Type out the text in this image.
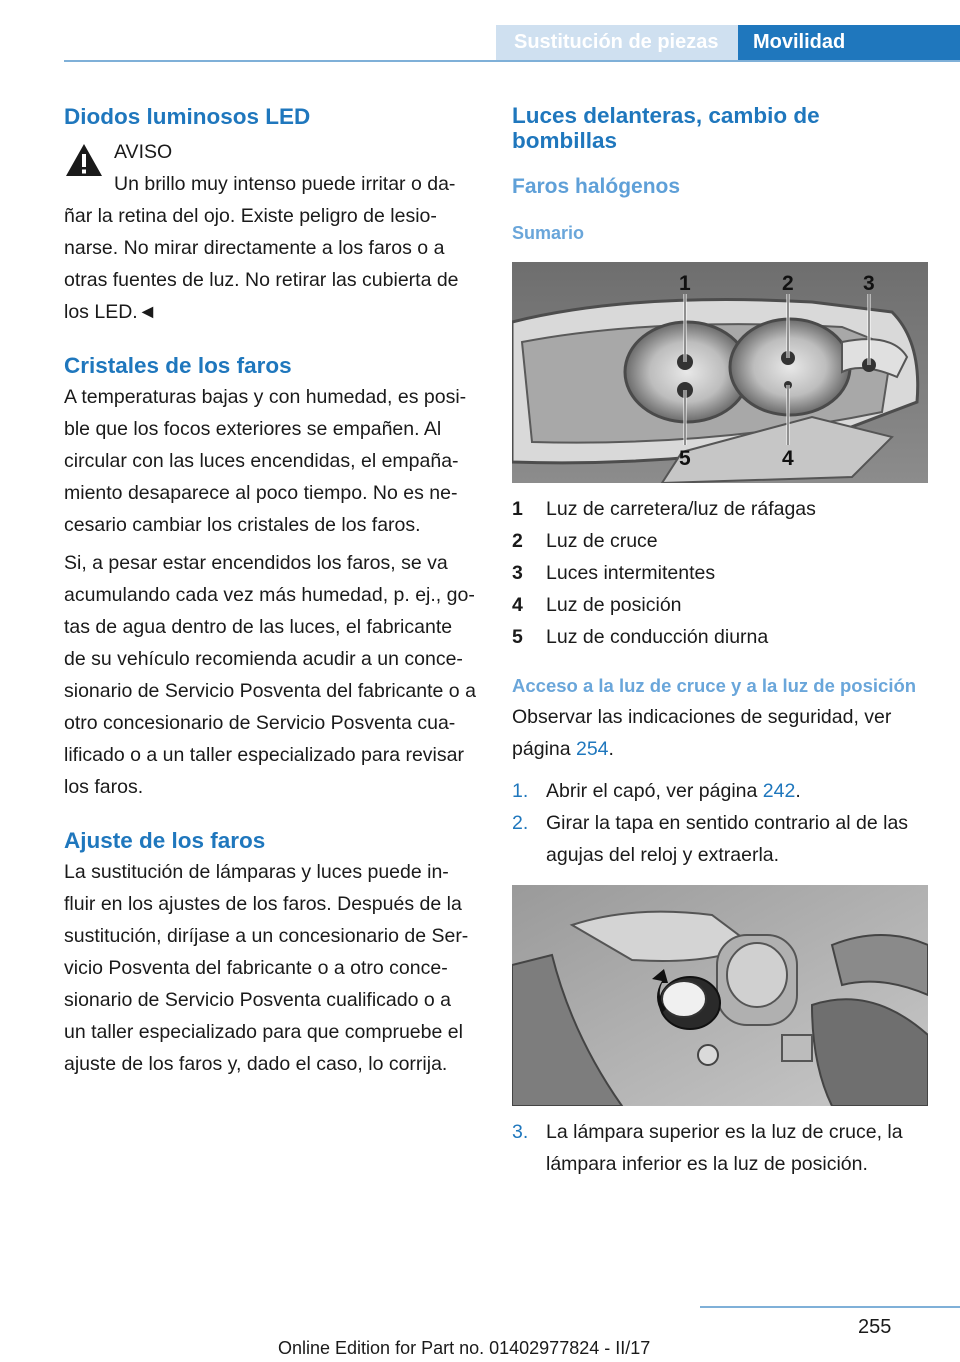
Sustitución de piezas	Movilidad
Diodos luminosos LED
AVISO
Un brillo muy intenso puede irritar o da-ñar la retina del ojo. Existe peligro de lesio-narse. No mirar directamente a los faros o a otras fuentes de luz. No retirar las cubierta de los LED.◄
Cristales de los faros
A temperaturas bajas y con humedad, es posi-ble que los focos exteriores se empañen. Al circular con las luces encendidas, el empaña-miento desaparece al poco tiempo. No es ne-cesario cambiar los cristales de los faros.
Si, a pesar estar encendidos los faros, se va acumulando cada vez más humedad, p. ej., go-tas de agua dentro de las luces, el fabricante de su vehículo recomienda acudir a un conce-sionario de Servicio Posventa del fabricante o a otro concesionario de Servicio Posventa cua-lificado o a un taller especializado para revisar los faros.
Ajuste de los faros
La sustitución de lámparas y luces puede in-fluir en los ajustes de los faros. Después de la sustitución, diríjase a un concesionario de Ser-vicio Posventa del fabricante o a otro conce-sionario de Servicio Posventa cualificado o a un taller especializado para que compruebe el ajuste de los faros y, dado el caso, lo corrija.
Luces delanteras, cambio de bombillas
Faros halógenos
Sumario
1	2	3
5	4
1	Luz de carretera/luz de ráfagas
2	Luz de cruce
3	Luces intermitentes
4	Luz de posición
5	Luz de conducción diurna
Acceso a la luz de cruce y a la luz de posición
Observar las indicaciones de seguridad, ver página 254.
1. Abrir el capó, ver página 242.
2. Girar la tapa en sentido contrario al de las agujas del reloj y extraerla.
3. La lámpara superior es la luz de cruce, la lámpara inferior es la luz de posición.
255
Online Edition for Part no. 01402977824 - II/17
